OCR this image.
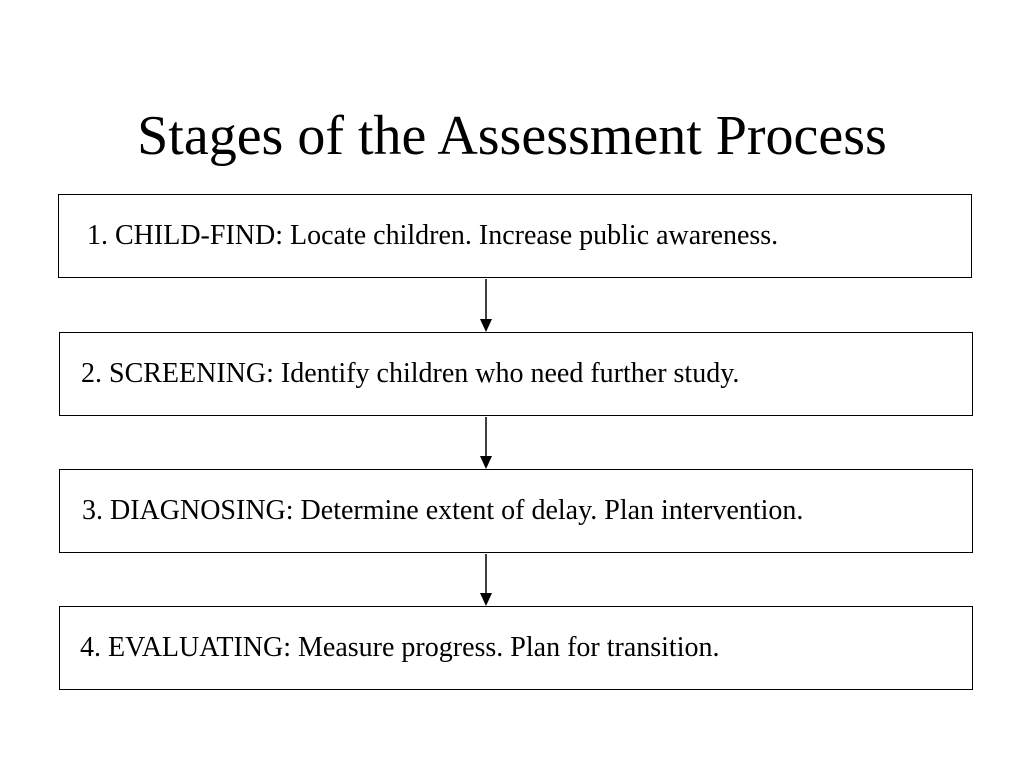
Stages of the Assessment Process
1. CHILD-FIND: Locate children. Increase public awareness.
2. SCREENING: Identify children who need further study.
3. DIAGNOSING: Determine extent of delay. Plan intervention.
4. EVALUATING: Measure progress. Plan for transition.
